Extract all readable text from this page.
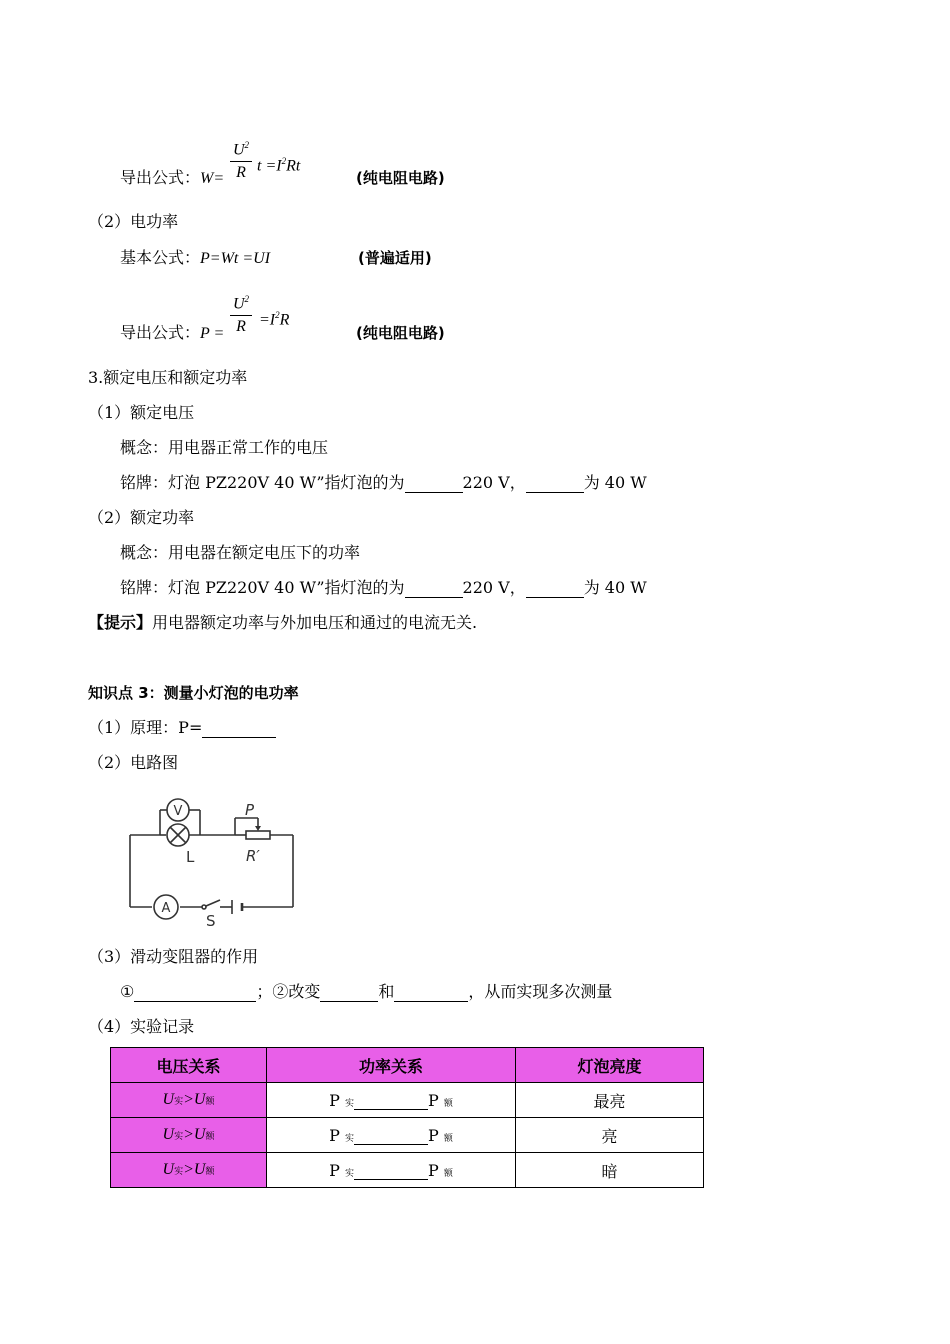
导出公式：W=
$U^2$
R $t =I^2Rt$
(纯电阻电路)
（2）电功率
基本公式：P=Wt =UI	(普遍适用)
导出公式：P =
$U^2$
$R =I^2R$
(纯电阻电路)
3.额定电压和额定功率
（1）额定电压
概念：用电器正常工作的电压
铭牌：灯泡 PZ220V 40 W”指灯泡的为	220 V，	为 40 W
（2）额定功率
概念：用电器在额定电压下的功率
铭牌：灯泡 PZ220V 40 W”指灯泡的为	220 V，	为 40 W
【提示】用电器额定功率与外加电压和通过的电流无关.
知识点 3：测量小灯泡的电功率
（1）原理：P=
（2）电路图
V
A
L
P
R′
S
（3）滑动变阻器的作用
①	；②改变	和	，从而实现多次测量
（4）实验记录
电压关系	功率关系	灯泡亮度
U实>U额	P 实 P 额	最亮
U实>U额	P 实 P 额	亮
U实>U额	P 实 P 额	暗
